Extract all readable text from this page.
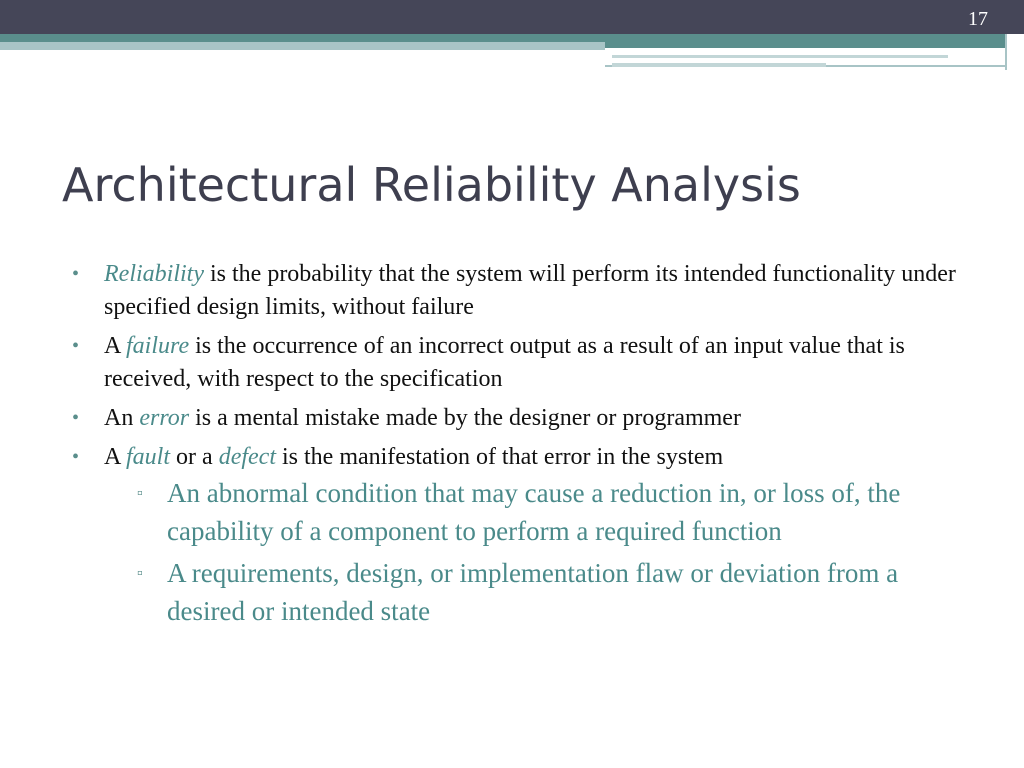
17
Architectural Reliability Analysis
• Reliability is the probability that the system will perform its intended functionality under specified design limits, without failure
• A failure is the occurrence of an incorrect output as a result of an input value that is received, with respect to the specification
• An error is a mental mistake made by the designer or programmer
• A fault or a defect is the manifestation of that error in the system
▫ An abnormal condition that may cause a reduction in, or loss of, the capability of a component to perform a required function
▫ A requirements, design, or implementation flaw or deviation from a desired or intended state
